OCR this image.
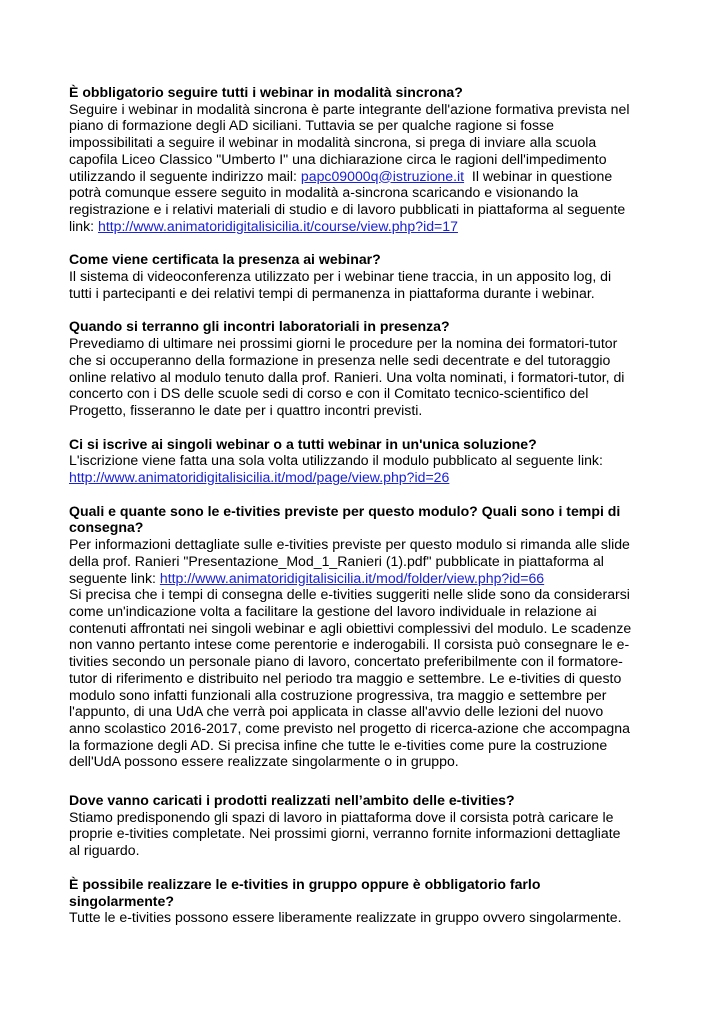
È obbligatorio seguire tutti i webinar in modalità sincrona?
Seguire i webinar in modalità sincrona è parte integrante dell'azione formativa prevista nel
piano di formazione degli AD siciliani. Tuttavia se per qualche ragione si fosse
impossibilitati a seguire il webinar in modalità sincrona, si prega di inviare alla scuola
capofila Liceo Classico "Umberto I" una dichiarazione circa le ragioni dell'impedimento
utilizzando il seguente indirizzo mail: papc09000q@istruzione.it  Il webinar in questione
potrà comunque essere seguito in modalità a-sincrona scaricando e visionando la
registrazione e i relativi materiali di studio e di lavoro pubblicati in piattaforma al seguente
link: http://www.animatoridigitalisicilia.it/course/view.php?id=17
Come viene certificata la presenza ai webinar?
Il sistema di videoconferenza utilizzato per i webinar tiene traccia, in un apposito log, di
tutti i partecipanti e dei relativi tempi di permanenza in piattaforma durante i webinar.
Quando si terranno gli incontri laboratoriali in presenza?
Prevediamo di ultimare nei prossimi giorni le procedure per la nomina dei formatori-tutor
che si occuperanno della formazione in presenza nelle sedi decentrate e del tutoraggio
online relativo al modulo tenuto dalla prof. Ranieri. Una volta nominati, i formatori-tutor, di
concerto con i DS delle scuole sedi di corso e con il Comitato tecnico-scientifico del
Progetto, fisseranno le date per i quattro incontri previsti.
Ci si iscrive ai singoli webinar o a tutti webinar in un'unica soluzione?
L'iscrizione viene fatta una sola volta utilizzando il modulo pubblicato al seguente link:
http://www.animatoridigitalisicilia.it/mod/page/view.php?id=26
Quali e quante sono le e-tivities previste per questo modulo? Quali sono i tempi di
consegna?
Per informazioni dettagliate sulle e-tivities previste per questo modulo si rimanda alle slide
della prof. Ranieri "Presentazione_Mod_1_Ranieri (1).pdf" pubblicate in piattaforma al
seguente link: http://www.animatoridigitalisicilia.it/mod/folder/view.php?id=66
Si precisa che i tempi di consegna delle e-tivities suggeriti nelle slide sono da considerarsi
come un'indicazione volta a facilitare la gestione del lavoro individuale in relazione ai
contenuti affrontati nei singoli webinar e agli obiettivi complessivi del modulo. Le scadenze
non vanno pertanto intese come perentorie e inderogabili. Il corsista può consegnare le e-
tivities secondo un personale piano di lavoro, concertato preferibilmente con il formatore-
tutor di riferimento e distribuito nel periodo tra maggio e settembre. Le e-tivities di questo
modulo sono infatti funzionali alla costruzione progressiva, tra maggio e settembre per
l'appunto, di una UdA che verrà poi applicata in classe all'avvio delle lezioni del nuovo
anno scolastico 2016-2017, come previsto nel progetto di ricerca-azione che accompagna
la formazione degli AD. Si precisa infine che tutte le e-tivities come pure la costruzione
dell'UdA possono essere realizzate singolarmente o in gruppo.
Dove vanno caricati i prodotti realizzati nell’ambito delle e-tivities?
Stiamo predisponendo gli spazi di lavoro in piattaforma dove il corsista potrà caricare le
proprie e-tivities completate. Nei prossimi giorni, verranno fornite informazioni dettagliate
al riguardo.
È possibile realizzare le e-tivities in gruppo oppure è obbligatorio farlo
singolarmente?
Tutte le e-tivities possono essere liberamente realizzate in gruppo ovvero singolarmente.
